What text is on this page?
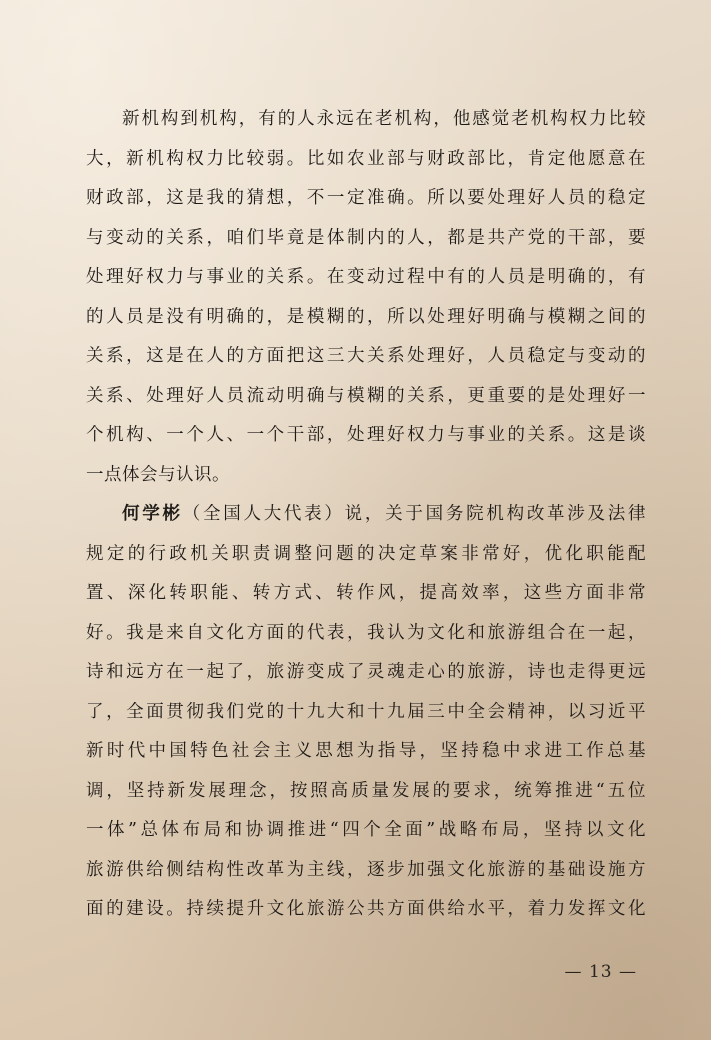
新机构到机构，有的人永远在老机构，他感觉老机构权力比较
大，新机构权力比较弱。比如农业部与财政部比，肯定他愿意在
财政部，这是我的猜想，不一定准确。所以要处理好人员的稳定
与变动的关系，咱们毕竟是体制内的人，都是共产党的干部，要
处理好权力与事业的关系。在变动过程中有的人员是明确的，有
的人员是没有明确的，是模糊的，所以处理好明确与模糊之间的
关系，这是在人的方面把这三大关系处理好，人员稳定与变动的
关系、处理好人员流动明确与模糊的关系，更重要的是处理好一
个机构、一个人、一个干部，处理好权力与事业的关系。这是谈
一点体会与认识。
何学彬（全国人大代表）说，关于国务院机构改革涉及法律
规定的行政机关职责调整问题的决定草案非常好，优化职能配
置、深化转职能、转方式、转作风，提高效率，这些方面非常
好。我是来自文化方面的代表，我认为文化和旅游组合在一起，
诗和远方在一起了，旅游变成了灵魂走心的旅游，诗也走得更远
了，全面贯彻我们党的十九大和十九届三中全会精神，以习近平
新时代中国特色社会主义思想为指导，坚持稳中求进工作总基
调，坚持新发展理念，按照高质量发展的要求，统筹推进“五位
一体”总体布局和协调推进“四个全面”战略布局，坚持以文化
旅游供给侧结构性改革为主线，逐步加强文化旅游的基础设施方
面的建设。持续提升文化旅游公共方面供给水平，着力发挥文化
— 13 —
